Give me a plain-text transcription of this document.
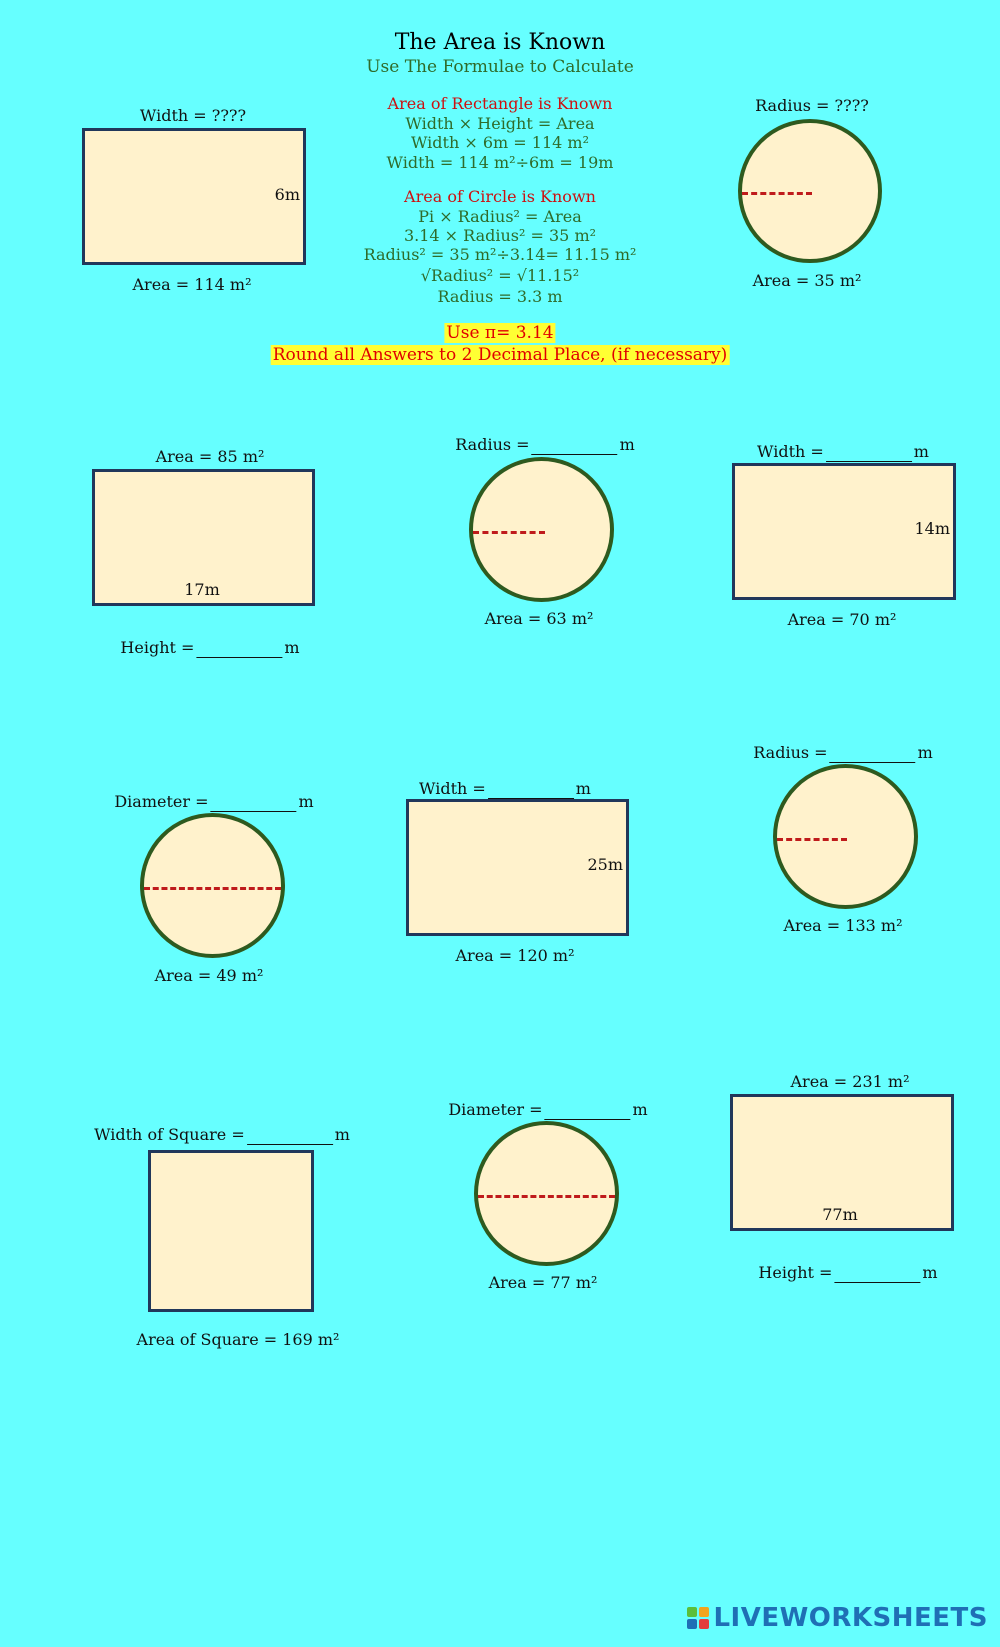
The Area is Known
Use The Formulae to Calculate
Width = ????
6m
Area = 114 m²
Area of Rectangle is Known
Width × Height = Area
Width × 6m = 114 m²
Width = 114 m²÷6m = 19m
Area of Circle is Known
Pi × Radius² = Area
3.14 × Radius² = 35 m²
Radius² = 35 m²÷3.14= 11.15 m²
√Radius² = √11.15²
Radius = 3.3 m
Radius = ????
Area = 35 m²
Use π= 3.14
Round all Answers to 2 Decimal Place, (if necessary)
Area = 85 m²
17m
Height =	m
Radius =	m
Area = 63 m²
Width =	m
14m
Area = 70 m²
Diameter =	m
Area = 49 m²
Width =	m
25m
Area = 120 m²
Radius =	m
Area = 133 m²
Width of Square =	m
Area of Square = 169 m²
Diameter =	m
Area = 77 m²
Area = 231 m²
77m
Height =	m
LIVEWORKSHEETS
